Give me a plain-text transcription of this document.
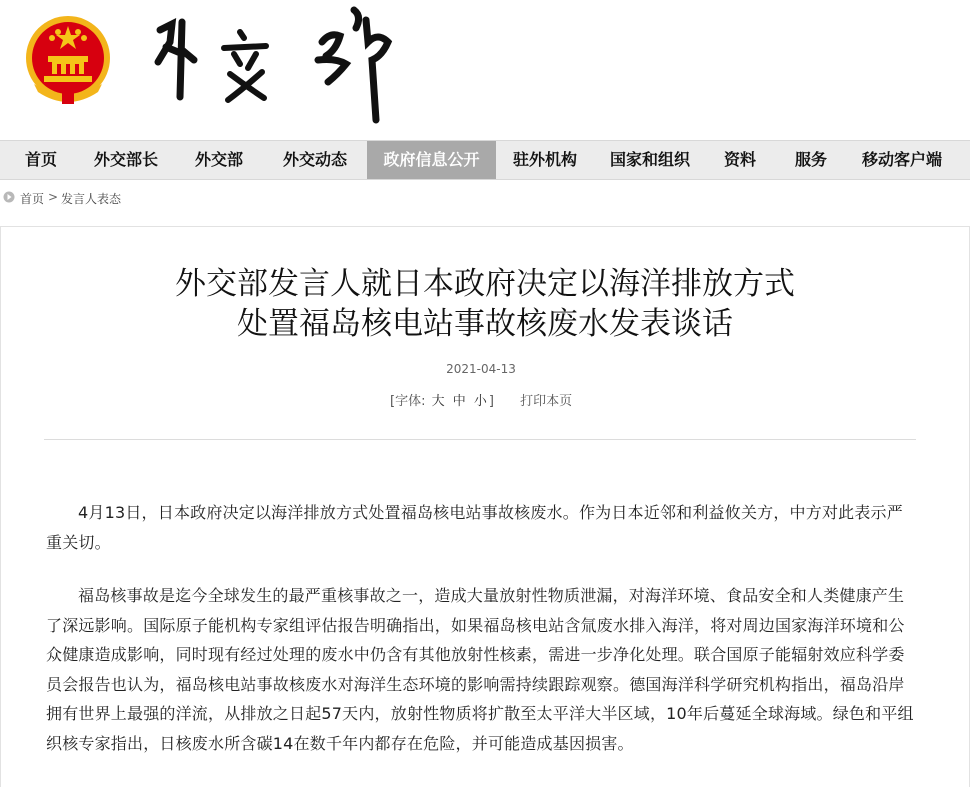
首页	外交部长	外交部	外交动态	政府信息公开	驻外机构	国家和组织	资料	服务	移动客户端
首页 > 发言人表态
外交部发言人就日本政府决定以海洋排放方式
处置福岛核电站事故核废水发表谈话
2021-04-13
[字体: 大 中 小 ] 打印本页
4月13日，日本政府决定以海洋排放方式处置福岛核电站事故核废水。作为日本近邻和利益攸关方，中方对此表示严重关切。
福岛核事故是迄今全球发生的最严重核事故之一，造成大量放射性物质泄漏，对海洋环境、食品安全和人类健康产生了深远影响。国际原子能机构专家组评估报告明确指出，如果福岛核电站含氚废水排入海洋，将对周边国家海洋环境和公众健康造成影响，同时现有经过处理的废水中仍含有其他放射性核素，需进一步净化处理。联合国原子能辐射效应科学委员会报告也认为，福岛核电站事故核废水对海洋生态环境的影响需持续跟踪观察。德国海洋科学研究机构指出，福岛沿岸拥有世界上最强的洋流，从排放之日起57天内，放射性物质将扩散至太平洋大半区域，10年后蔓延全球海域。绿色和平组织核专家指出，日核废水所含碳14在数千年内都存在危险，并可能造成基因损害。
